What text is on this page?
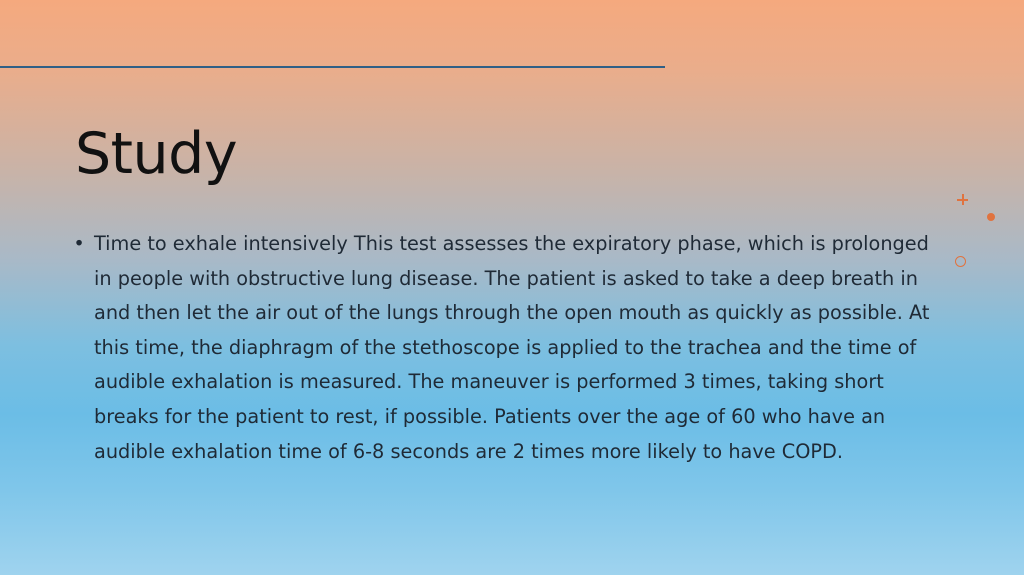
Study
• Time to exhale intensively This test assesses the expiratory phase, which is prolonged in people with obstructive lung disease. The patient is asked to take a deep breath in and then let the air out of the lungs through the open mouth as quickly as possible. At this time, the diaphragm of the stethoscope is applied to the trachea and the time of audible exhalation is measured. The maneuver is performed 3 times, taking short breaks for the patient to rest, if possible. Patients over the age of 60 who have an audible exhalation time of 6-8 seconds are 2 times more likely to have COPD.
